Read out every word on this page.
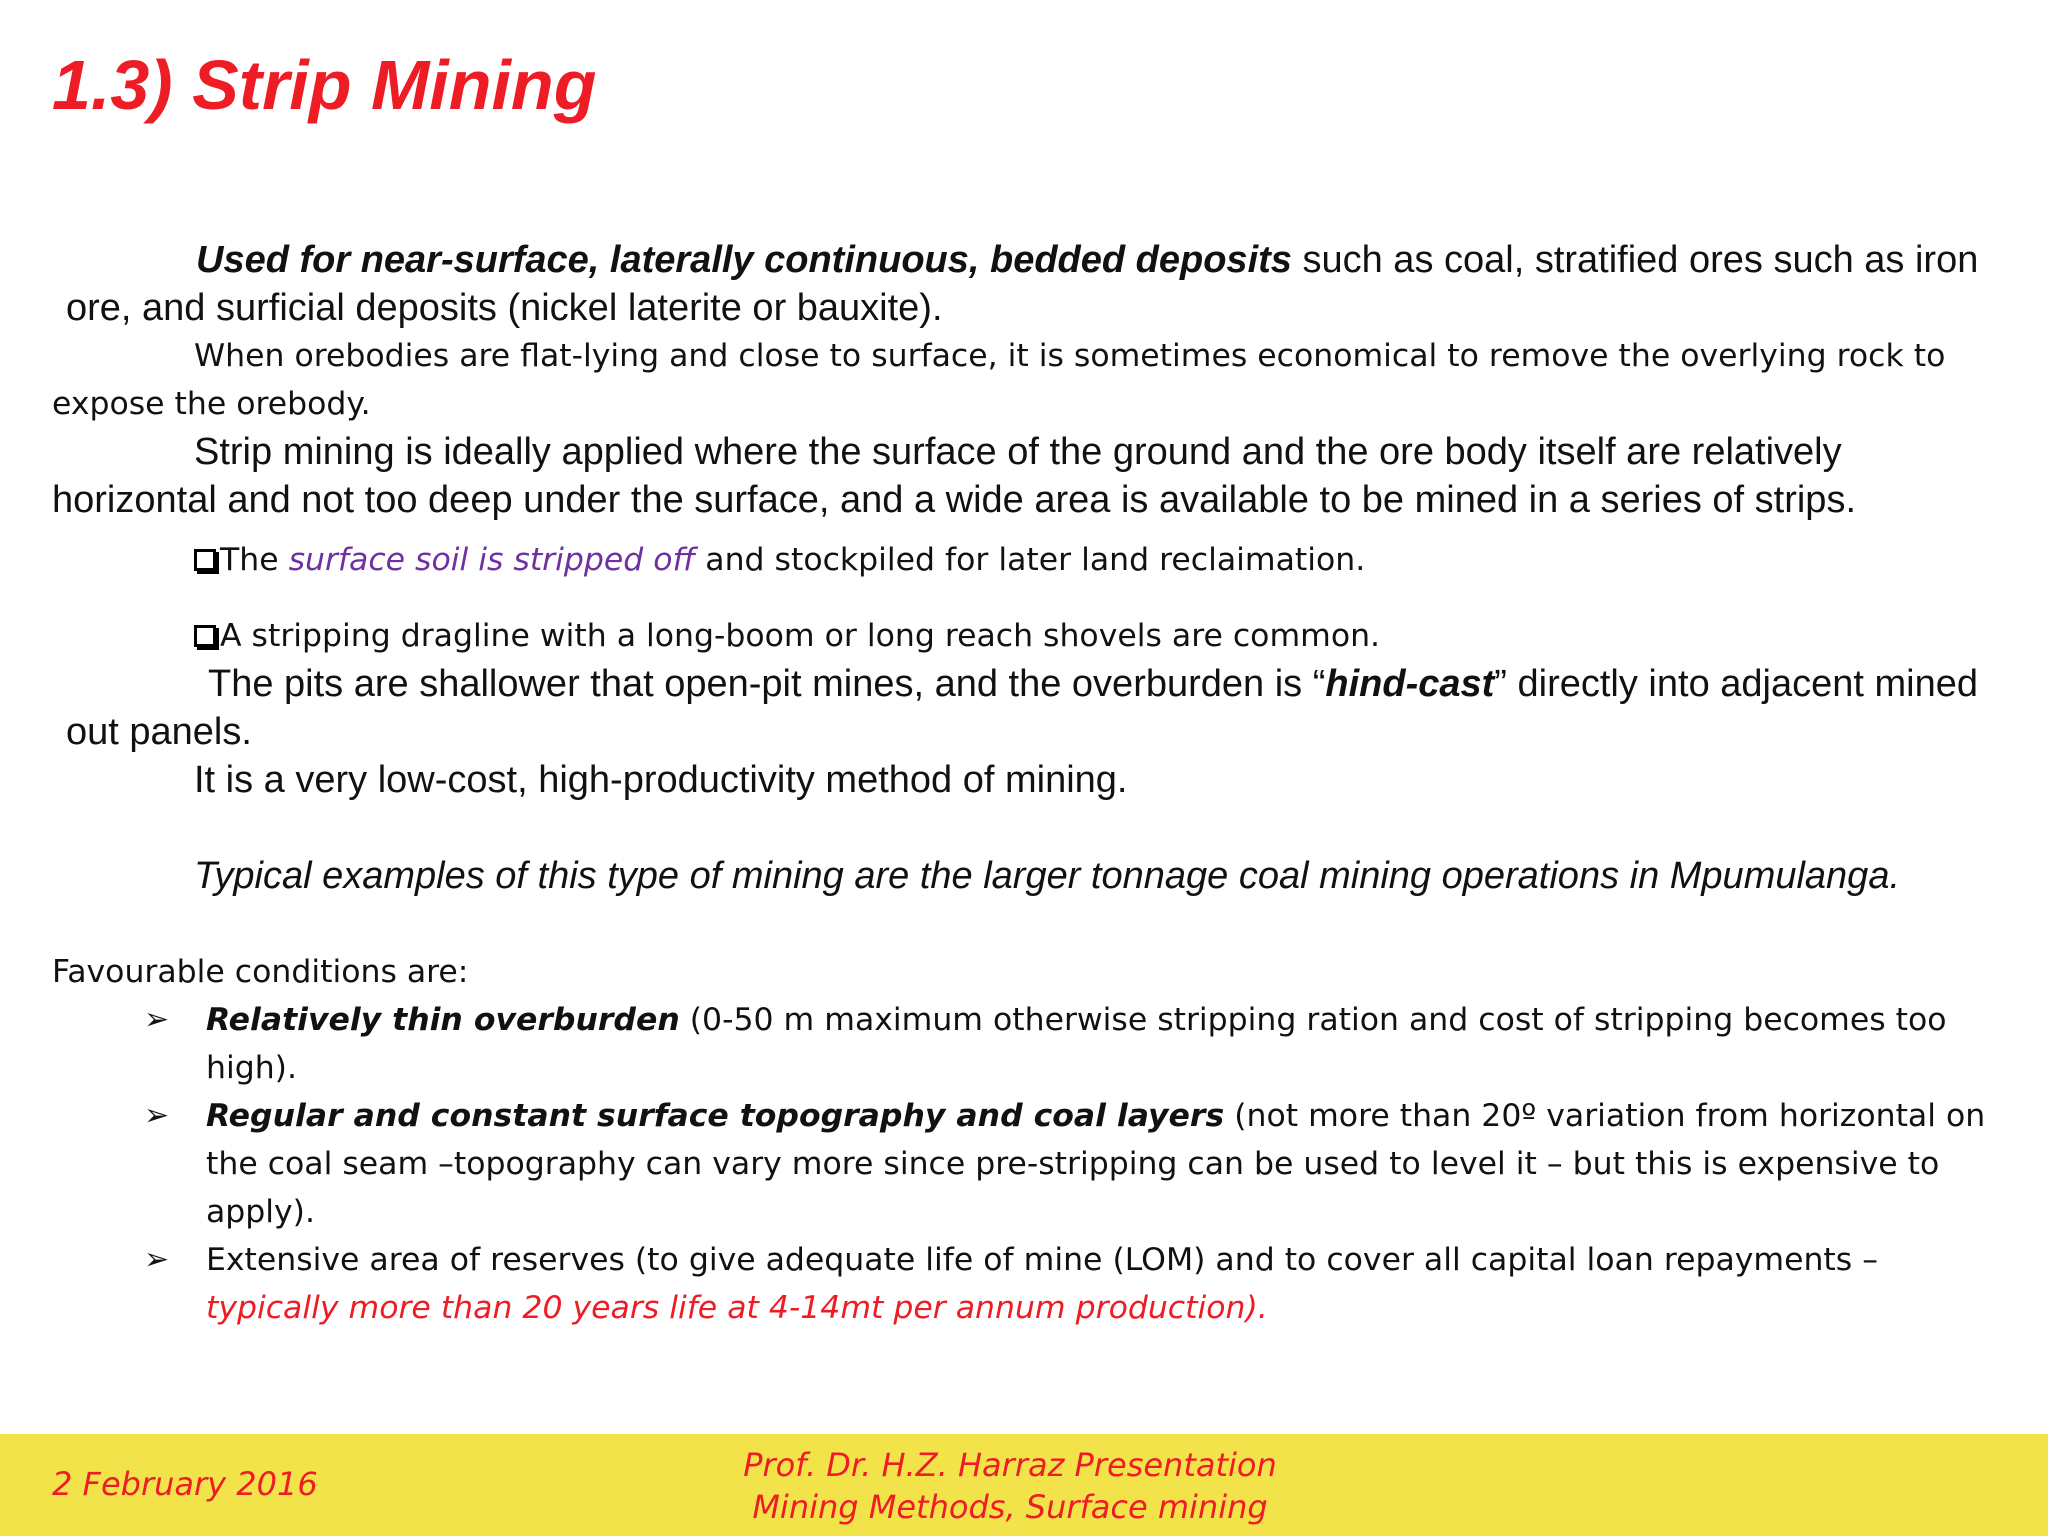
1.3) Strip Mining

Used for near-surface, laterally continuous, bedded deposits such as coal, stratified ores such as iron ore, and surficial deposits (nickel laterite or bauxite).

When orebodies are flat-lying and close to surface, it is sometimes economical to remove the overlying rock to expose the orebody.

Strip mining is ideally applied where the surface of the ground and the ore body itself are relatively horizontal and not too deep under the surface, and a wide area is available to be mined in a series of strips.

The surface soil is stripped off and stockpiled for later land reclaimation.

A stripping dragline with a long-boom or long reach shovels are common.

The pits are shallower that open-pit mines, and the overburden is “hind-cast” directly into adjacent mined out panels.

It is a very low-cost, high-productivity method of mining.

Typical examples of this type of mining are the larger tonnage coal mining operations in Mpumulanga.

Favourable conditions are:

➢ Relatively thin overburden (0-50 m maximum otherwise stripping ration and cost of stripping becomes too high).
➢ Regular and constant surface topography and coal layers (not more than 20º variation from horizontal on the coal seam –topography can vary more since pre-stripping can be used to level it – but this is expensive to apply).
➢ Extensive area of reserves (to give adequate life of mine (LOM) and to cover all capital loan repayments – typically more than 20 years life at 4-14mt per annum production).

2 February 2016	Prof. Dr. H.Z. Harraz Presentation
Mining Methods, Surface mining
